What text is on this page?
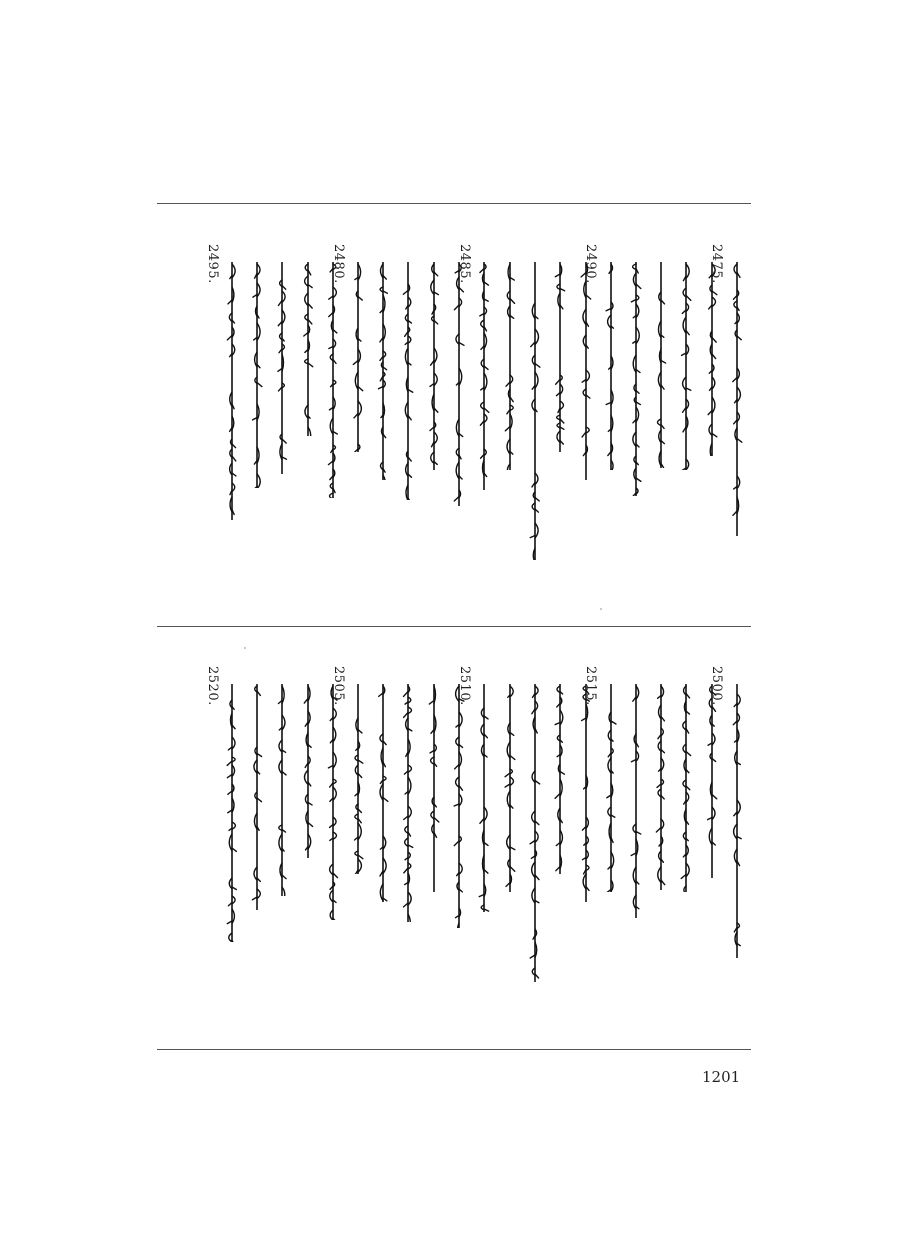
2495.	2490.
2485.
2480.	2475.
2520.	2515.
2510.
2505.	2500.
1201
